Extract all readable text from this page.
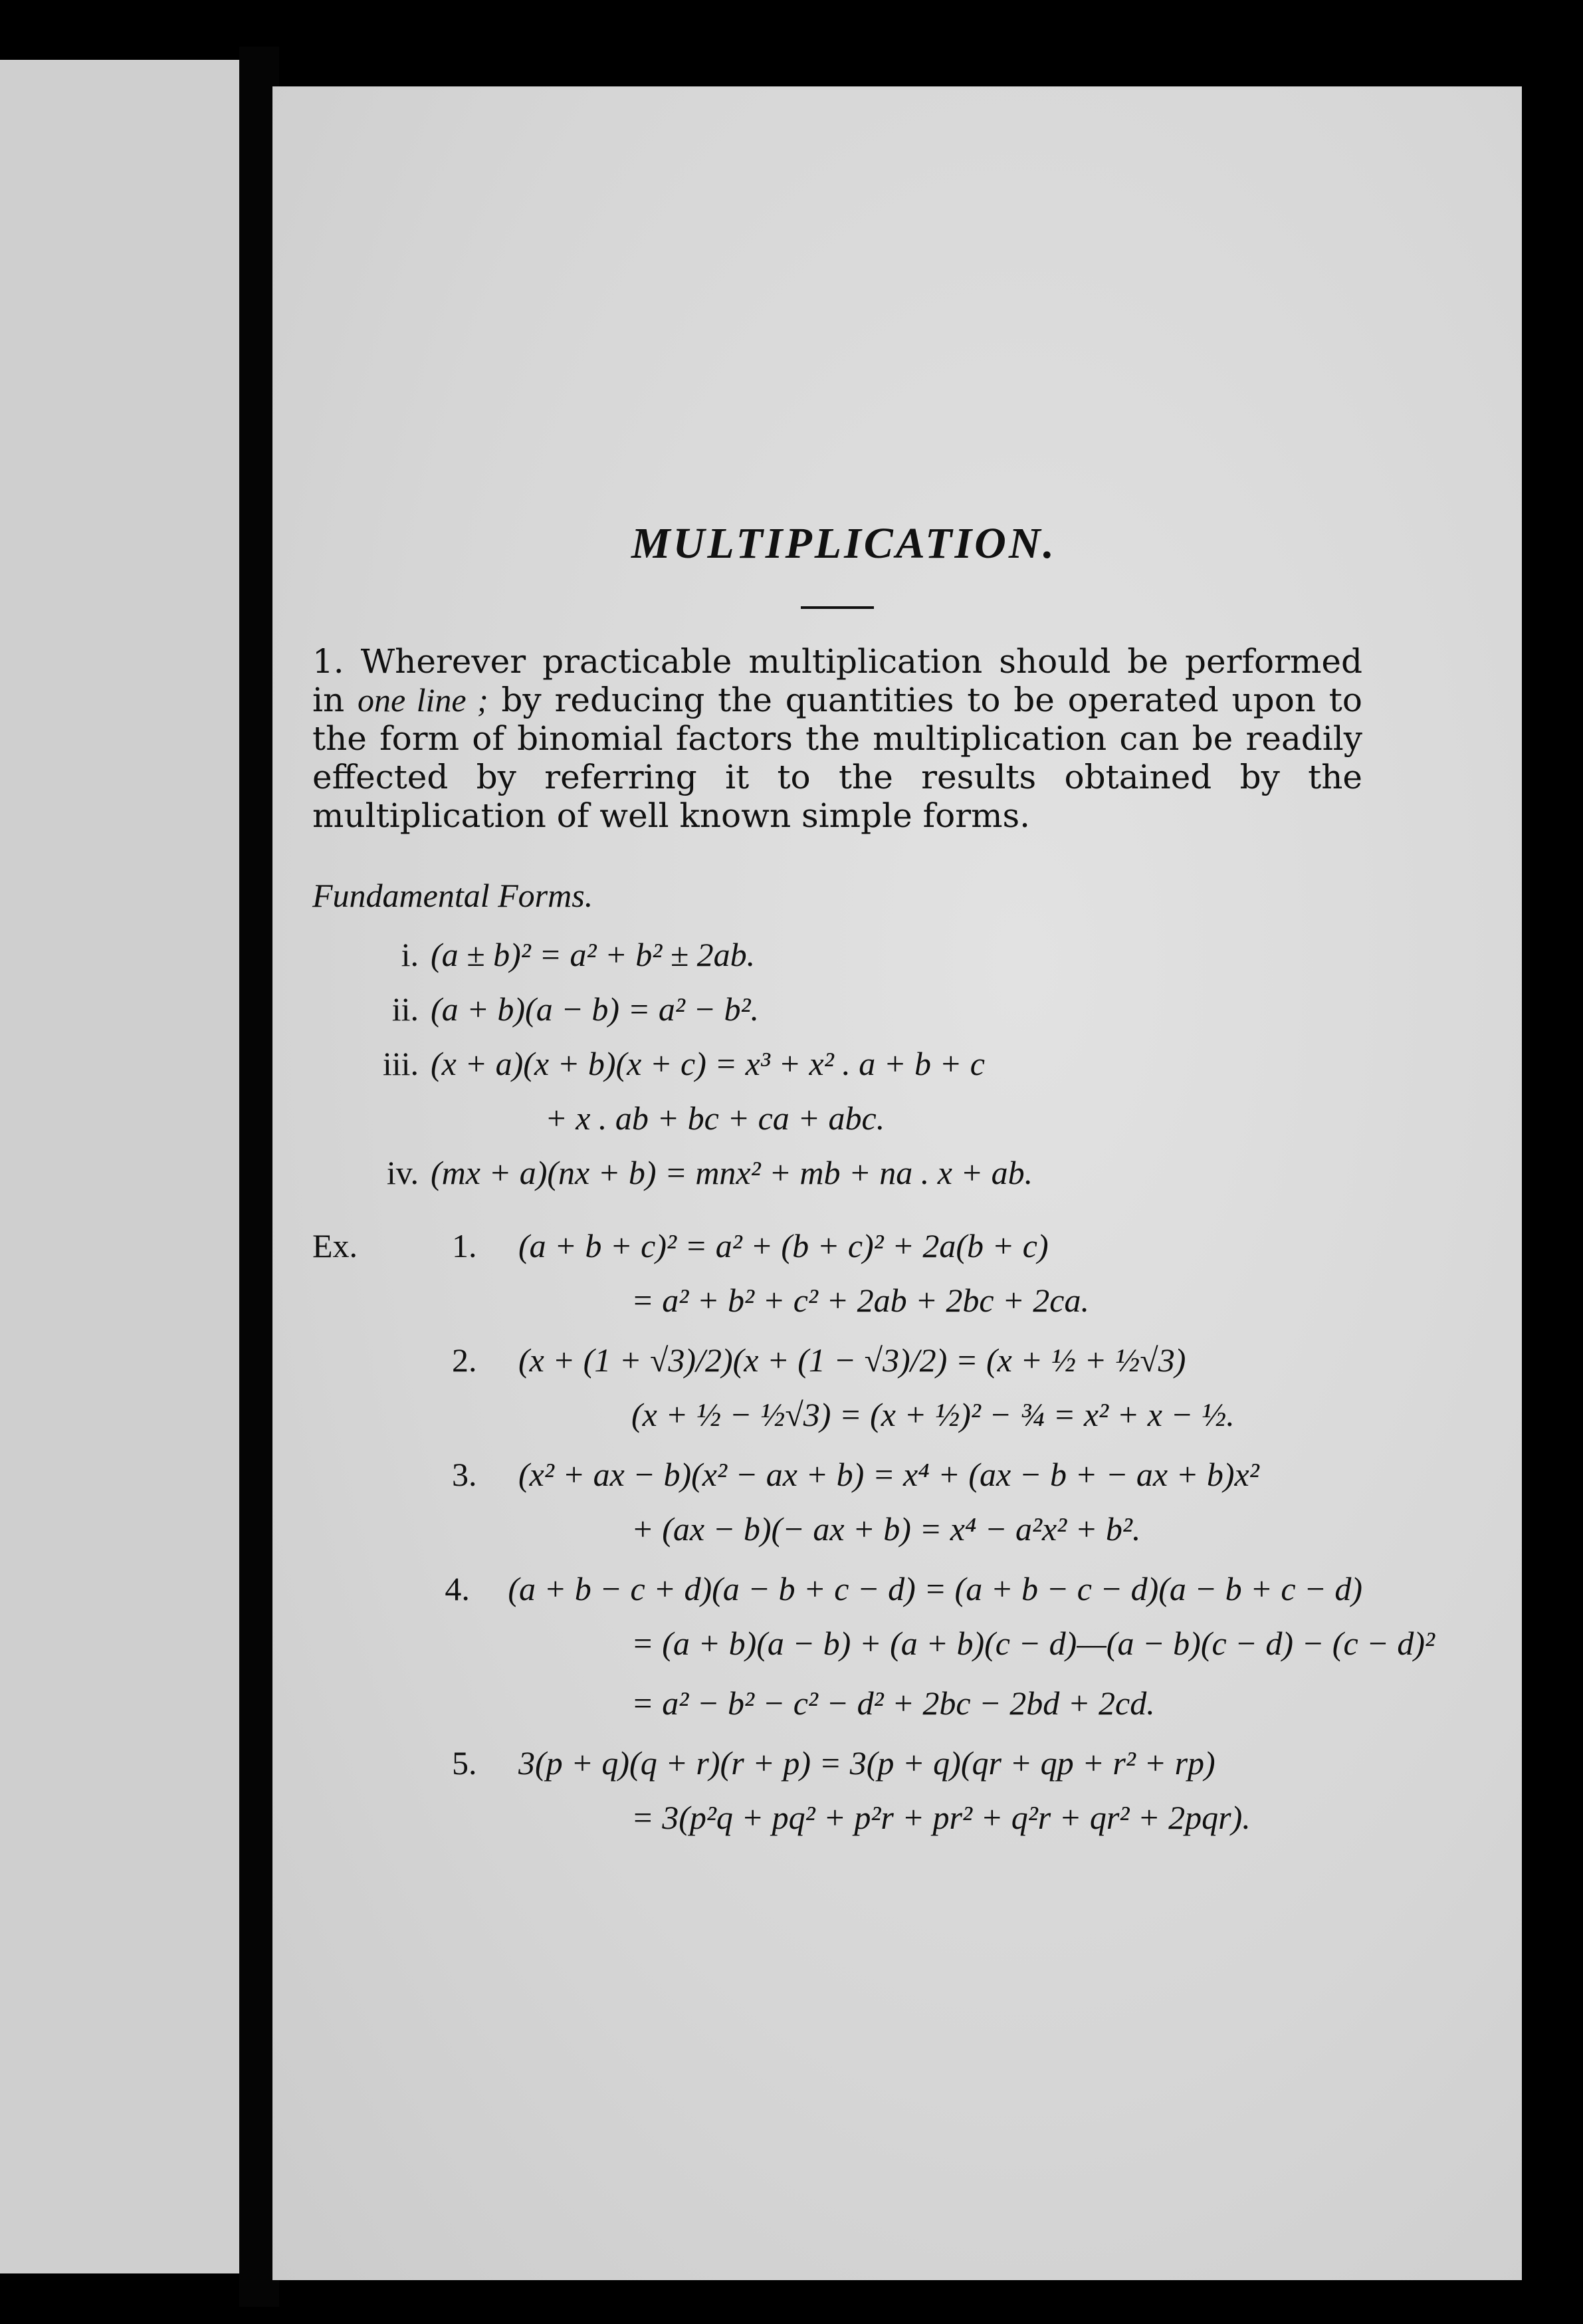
MULTIPLICATION.

1. Wherever practicable multiplication should be performed in one line ; by reducing the quantities to be operated upon to the form of binomial factors the multiplication can be readily effected by referring it to the results obtained by the multiplication of well known simple forms.

Fundamental Forms.
i. (a ± b)² = a² + b² ± 2ab.
ii. (a + b)(a − b) = a² − b².
iii. (x + a)(x + b)(x + c) = x³ + x² . a + b + c
+ x . ab + bc + ca + abc.
iv. (mx + a)(nx + b) = mnx² + mb + na . x + ab.
Ex.	1.	(a + b + c)² = a² + (b + c)² + 2a(b + c)
= a² + b² + c² + 2ab + 2bc + 2ca.
2.	(x + (1 + √3)/2)(x + (1 − √3)/2) = (x + ½ + ½√3)
(x + ½ − ½√3) = (x + ½)² − ¾ = x² + x − ½.
3.	(x² + ax − b)(x² − ax + b) = x⁴ + (ax − b + − ax + b)x²
+ (ax − b)(− ax + b) = x⁴ − a²x² + b².
4.	(a + b − c + d)(a − b + c − d) = (a + b − c − d)(a − b + c − d)
= (a + b)(a − b) + (a + b)(c − d)—(a − b)(c − d) − (c − d)²
= a² − b² − c² − d² + 2bc − 2bd + 2cd.
5.	3(p + q)(q + r)(r + p) = 3(p + q)(qr + qp + r² + rp)
= 3(p²q + pq² + p²r + pr² + q²r + qr² + 2pqr).
